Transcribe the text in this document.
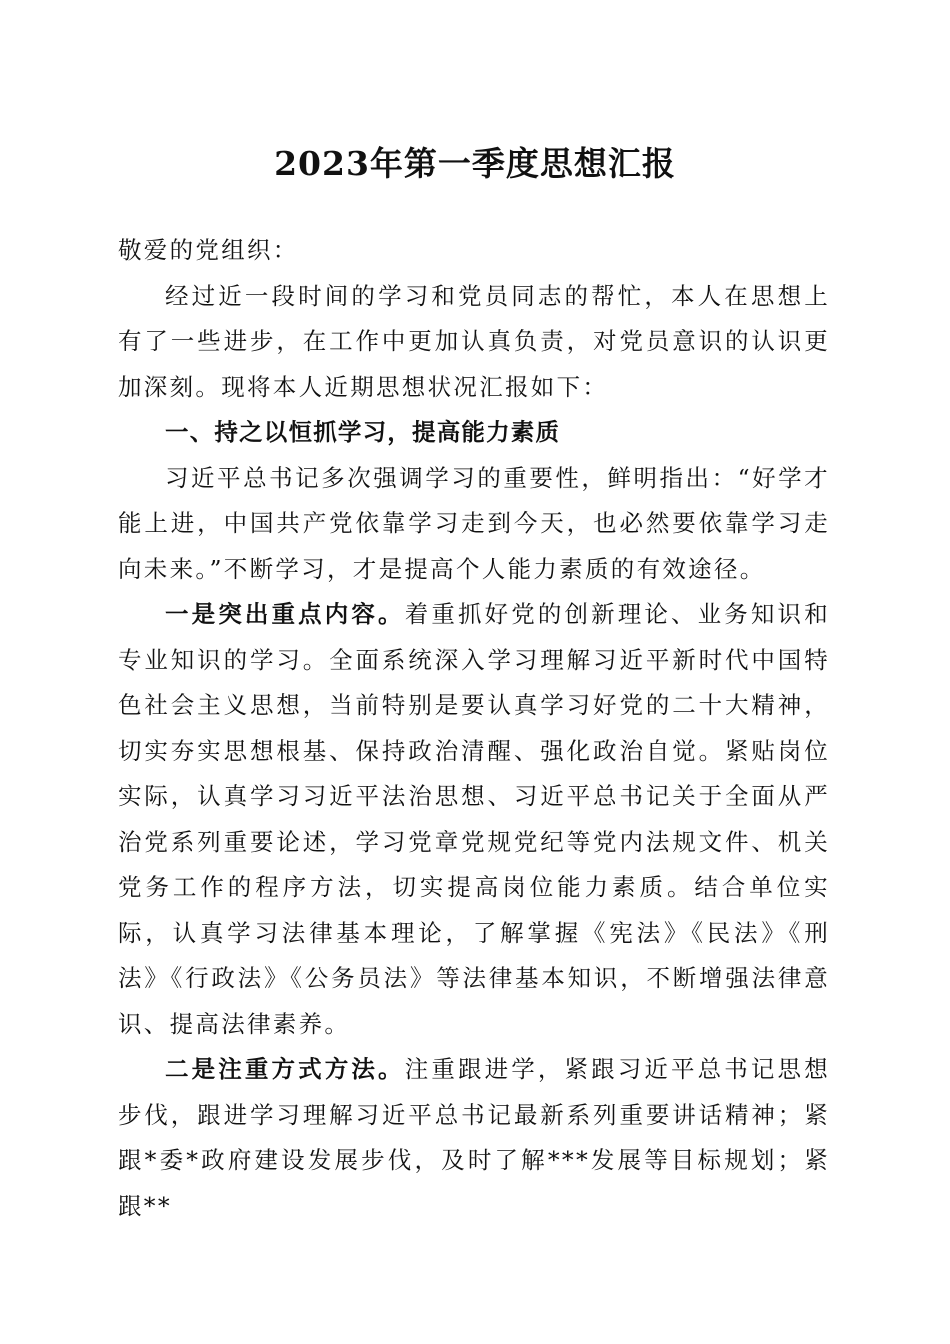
2023年第一季度思想汇报

敬爱的党组织：

经过近一段时间的学习和党员同志的帮忙，本人在思想上有了一些进步，在工作中更加认真负责，对党员意识的认识更加深刻。现将本人近期思想状况汇报如下：

一、持之以恒抓学习，提高能力素质

习近平总书记多次强调学习的重要性，鲜明指出：“好学才能上进，中国共产党依靠学习走到今天，也必然要依靠学习走向未来。”不断学习，才是提高个人能力素质的有效途径。

一是突出重点内容。着重抓好党的创新理论、业务知识和专业知识的学习。全面系统深入学习理解习近平新时代中国特色社会主义思想，当前特别是要认真学习好党的二十大精神，切实夯实思想根基、保持政治清醒、强化政治自觉。紧贴岗位实际，认真学习习近平法治思想、习近平总书记关于全面从严治党系列重要论述，学习党章党规党纪等党内法规文件、机关党务工作的程序方法，切实提高岗位能力素质。结合单位实际，认真学习法律基本理论，了解掌握《宪法》《民法》《刑法》《行政法》《公务员法》等法律基本知识，不断增强法律意识、提高法律素养。

二是注重方式方法。注重跟进学，紧跟习近平总书记思想步伐，跟进学习理解习近平总书记最新系列重要讲话精神；紧跟*委*政府建设发展步伐，及时了解***发展等目标规划；紧跟**
